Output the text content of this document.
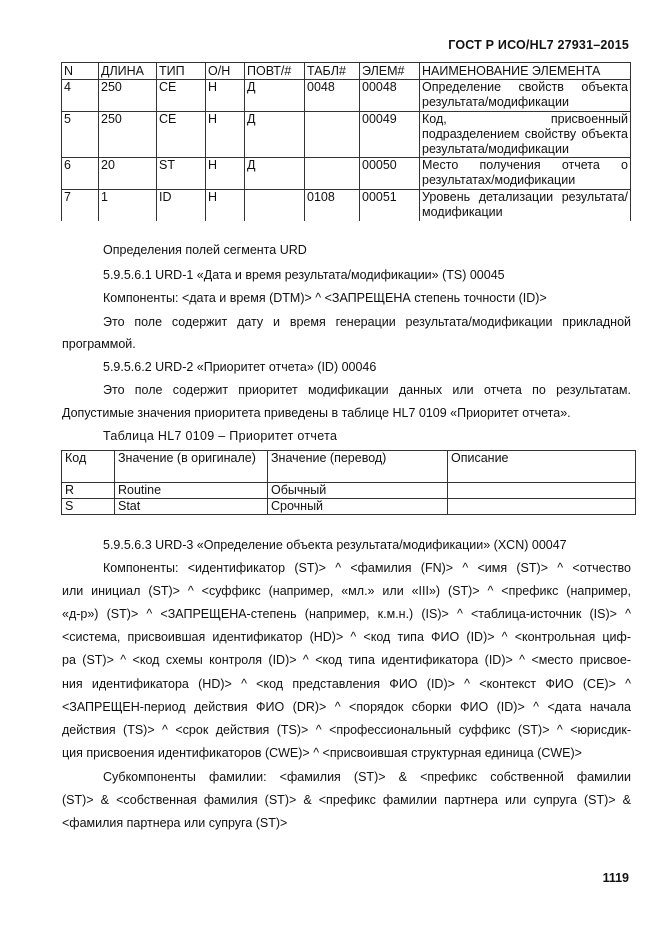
ГОСТ Р ИСО/HL7 27931–2015
N	ДЛИНА	ТИП	О/Н	ПОВТ/#	ТАБЛ#	ЭЛЕМ#	НАИМЕНОВАНИЕ ЭЛЕМЕНТА
4	250	CE	Н	Д	0048	00048	Определение свойств объекта результата/модификации
5	250	CE	Н	Д		00049	Код, присвоенный подразделением свойству объекта результата/модификации
6	20	ST	Н	Д		00050	Место получения отчета о результатах/модификации
7	1	ID	Н		0108	00051	Уровень детализации результата/модификации

Определения полей сегмента URD

5.9.5.6.1 URD-1 «Дата и время результата/модификации» (TS) 00045

Компоненты: <дата и время (DTM)> ^ <ЗАПРЕЩЕНА степень точности (ID)>

Это поле содержит дату и время генерации результата/модификации прикладной

программой.

5.9.5.6.2 URD-2 «Приоритет отчета» (ID) 00046

Это поле содержит приоритет модификации данных или отчета по результатам.

Допустимые значения приоритета приведены в таблице HL7 0109 «Приоритет отчета».

Таблица HL7 0109 – Приоритет отчета

Код	Значение (в оригинале)	Значение (перевод)	Описание
R	Routine	Обычный	
S	Stat	Срочный	

5.9.5.6.3 URD-3 «Определение объекта результата/модификации» (XCN) 00047

Компоненты: <идентификатор (ST)> ^ <фамилия (FN)> ^ <имя (ST)> ^ <отчество

или инициал (ST)> ^ <суффикс (например, «мл.» или «III») (ST)> ^ <префикс (например,

«д-р») (ST)> ^ <ЗАПРЕЩЕНА-степень (например, к.м.н.) (IS)> ^ <таблица-источник (IS)> ^

<система, присвоившая идентификатор (HD)> ^ <код типа ФИО (ID)> ^ <контрольная циф-

ра (ST)> ^ <код схемы контроля (ID)> ^ <код типа идентификатора (ID)> ^ <место присвое-

ния идентификатора (HD)> ^ <код представления ФИО (ID)> ^ <контекст ФИО (CE)> ^

<ЗАПРЕЩЕН-период действия ФИО (DR)> ^ <порядок сборки ФИО (ID)> ^ <дата начала

действия (TS)> ^ <срок действия (TS)> ^ <профессиональный суффикс (ST)> ^ <юрисдик-

ция присвоения идентификаторов (CWE)> ^ <присвоившая структурная единица (CWE)>

Субкомпоненты фамилии: <фамилия (ST)> & <префикс собственной фамилии

(ST)> & <собственная фамилия (ST)> & <префикс фамилии партнера или супруга (ST)> &

<фамилия партнера или супруга (ST)>

1119
